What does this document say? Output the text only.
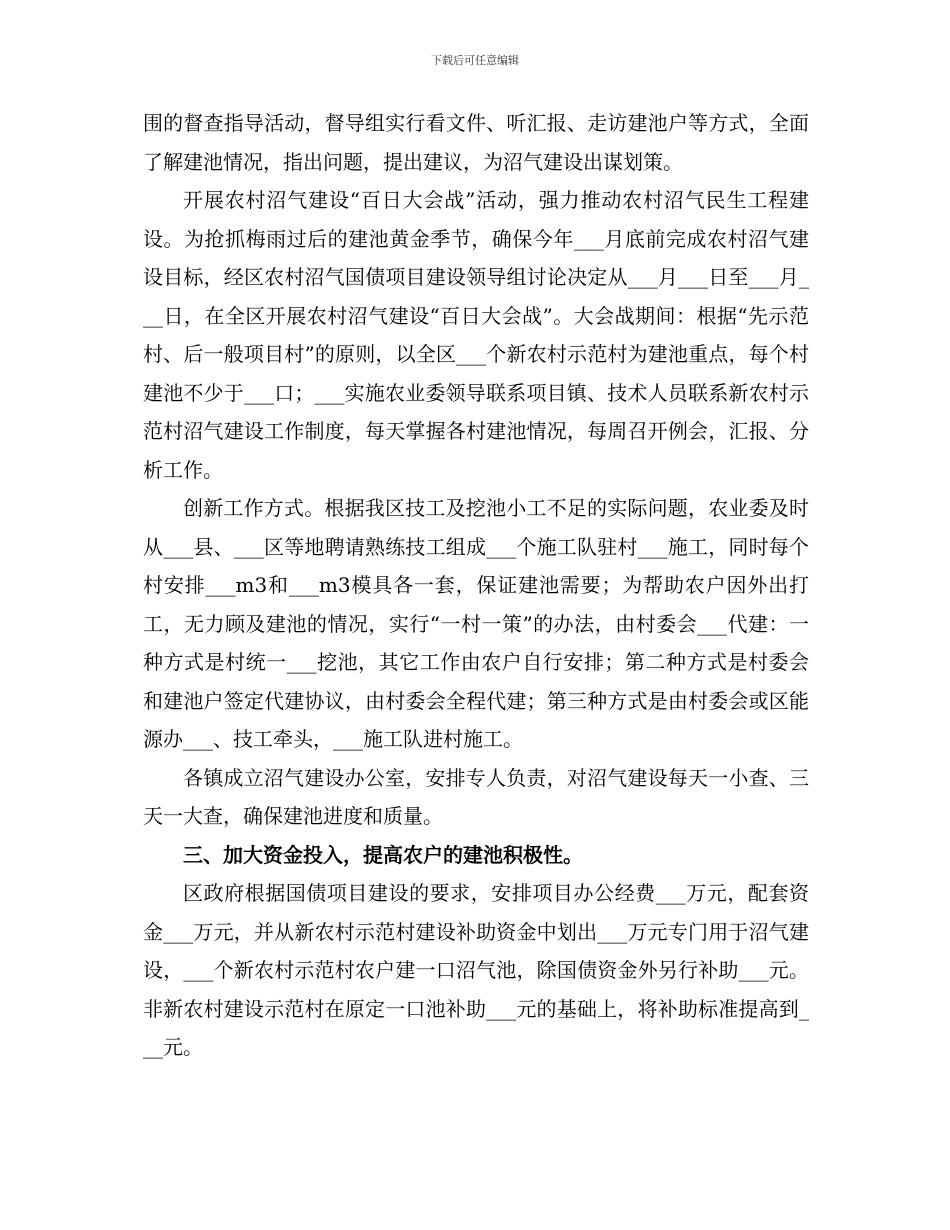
下载后可任意编辑

围的督查指导活动，督导组实行看文件、听汇报、走访建池户等方式，全面了解建池情况，指出问题，提出建议，为沼气建设出谋划策。

开展农村沼气建设“百日大会战”活动，强力推动农村沼气民生工程建设。为抢抓梅雨过后的建池黄金季节，确保今年___月底前完成农村沼气建设目标，经区农村沼气国债项目建设领导组讨论决定从___月___日至___月___日，在全区开展农村沼气建设“百日大会战”。大会战期间：根据“先示范村、后一般项目村”的原则，以全区___个新农村示范村为建池重点，每个村建池不少于___口；___实施农业委领导联系项目镇、技术人员联系新农村示范村沼气建设工作制度，每天掌握各村建池情况，每周召开例会，汇报、分析工作。

创新工作方式。根据我区技工及挖池小工不足的实际问题，农业委及时从___县、___区等地聘请熟练技工组成___个施工队驻村___施工，同时每个村安排___m3和___m3模具各一套，保证建池需要；为帮助农户因外出打工，无力顾及建池的情况，实行“一村一策”的办法，由村委会___代建：一种方式是村统一___挖池，其它工作由农户自行安排；第二种方式是村委会和建池户签定代建协议，由村委会全程代建；第三种方式是由村委会或区能源办___、技工牵头，___施工队进村施工。

各镇成立沼气建设办公室，安排专人负责，对沼气建设每天一小查、三天一大查，确保建池进度和质量。

三、加大资金投入，提高农户的建池积极性。

区政府根据国债项目建设的要求，安排项目办公经费___万元，配套资金___万元，并从新农村示范村建设补助资金中划出___万元专门用于沼气建设，___个新农村示范村农户建一口沼气池，除国债资金外另行补助___元。非新农村建设示范村在原定一口池补助___元的基础上，将补助标准提高到___元。
